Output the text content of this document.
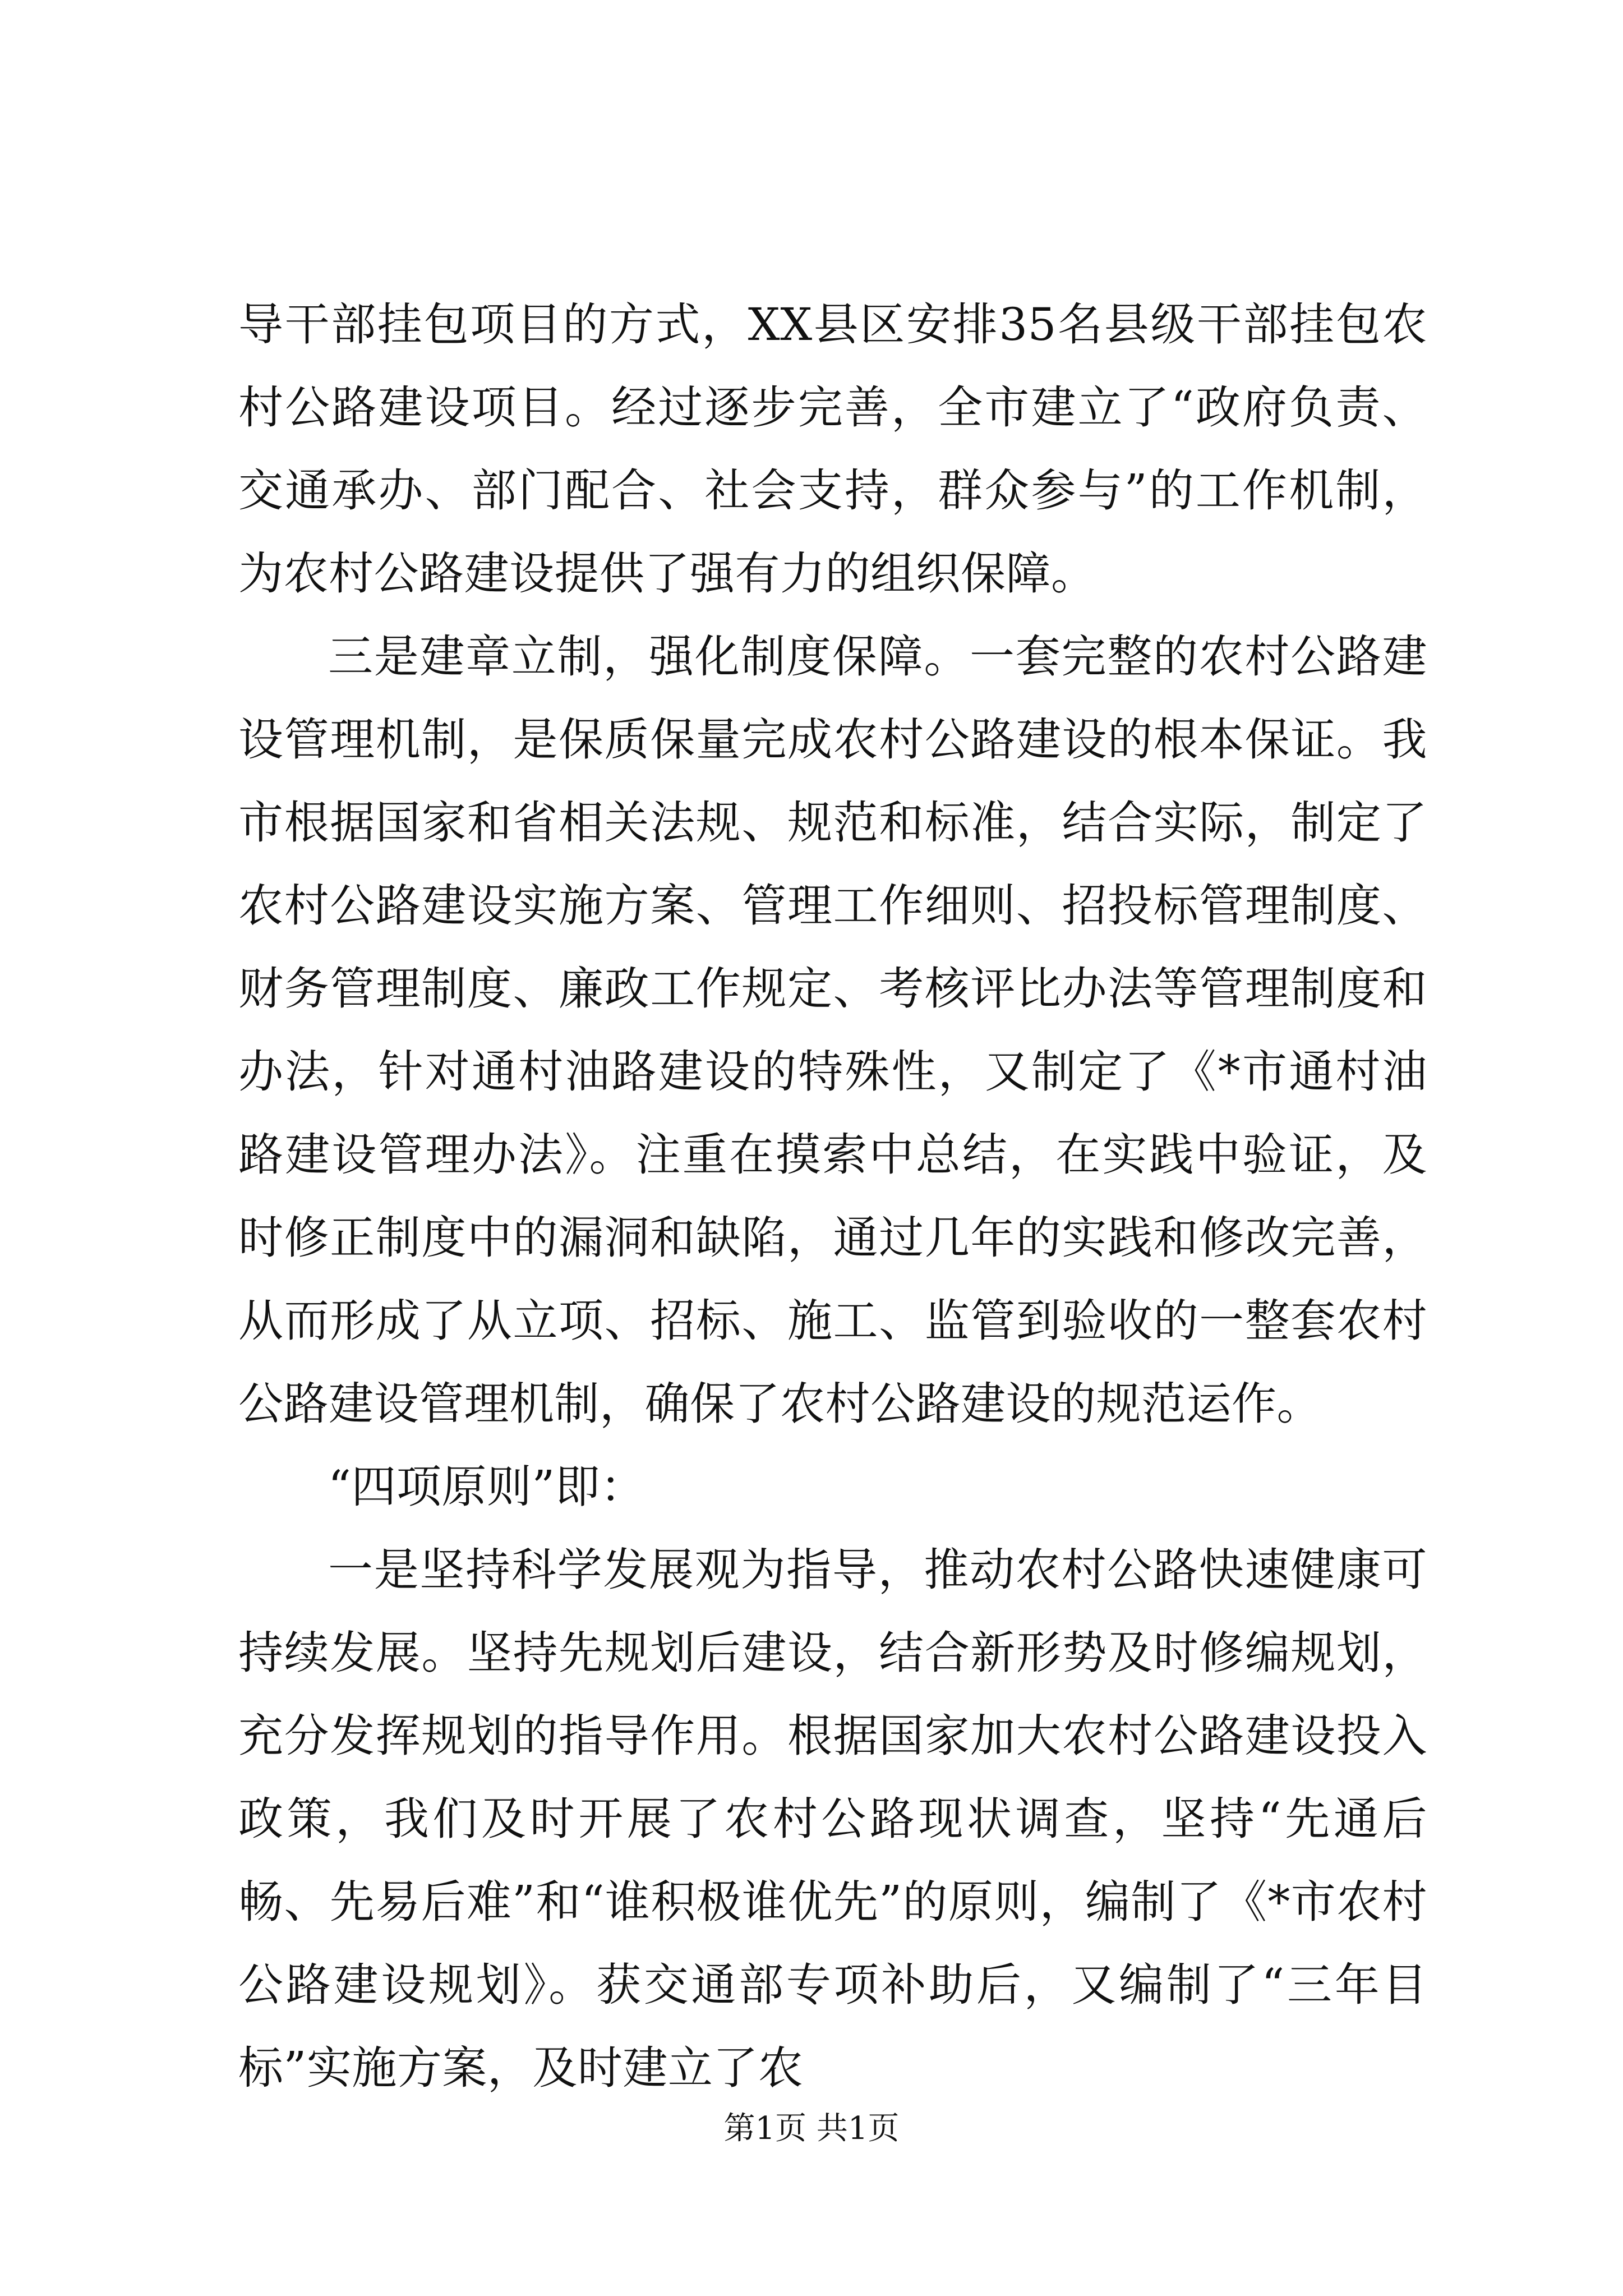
导干部挂包项目的方式，XX县区安排35名县级干部挂包农村公路建设项目。经过逐步完善，全市建立了“政府负责、交通承办、部门配合、社会支持，群众参与”的工作机制，为农村公路建设提供了强有力的组织保障。

三是建章立制，强化制度保障。一套完整的农村公路建设管理机制，是保质保量完成农村公路建设的根本保证。我市根据国家和省相关法规、规范和标准，结合实际，制定了农村公路建设实施方案、管理工作细则、招投标管理制度、财务管理制度、廉政工作规定、考核评比办法等管理制度和办法，针对通村油路建设的特殊性，又制定了《*市通村油路建设管理办法》。注重在摸索中总结，在实践中验证，及时修正制度中的漏洞和缺陷，通过几年的实践和修改完善，从而形成了从立项、招标、施工、监管到验收的一整套农村公路建设管理机制，确保了农村公路建设的规范运作。

“四项原则”即：

一是坚持科学发展观为指导，推动农村公路快速健康可持续发展。坚持先规划后建设，结合新形势及时修编规划，充分发挥规划的指导作用。根据国家加大农村公路建设投入政策，我们及时开展了农村公路现状调查，坚持“先通后畅、先易后难”和“谁积极谁优先”的原则，编制了《*市农村公路建设规划》。获交通部专项补助后，又编制了“三年目标”实施方案，及时建立了农

第1页 共1页
